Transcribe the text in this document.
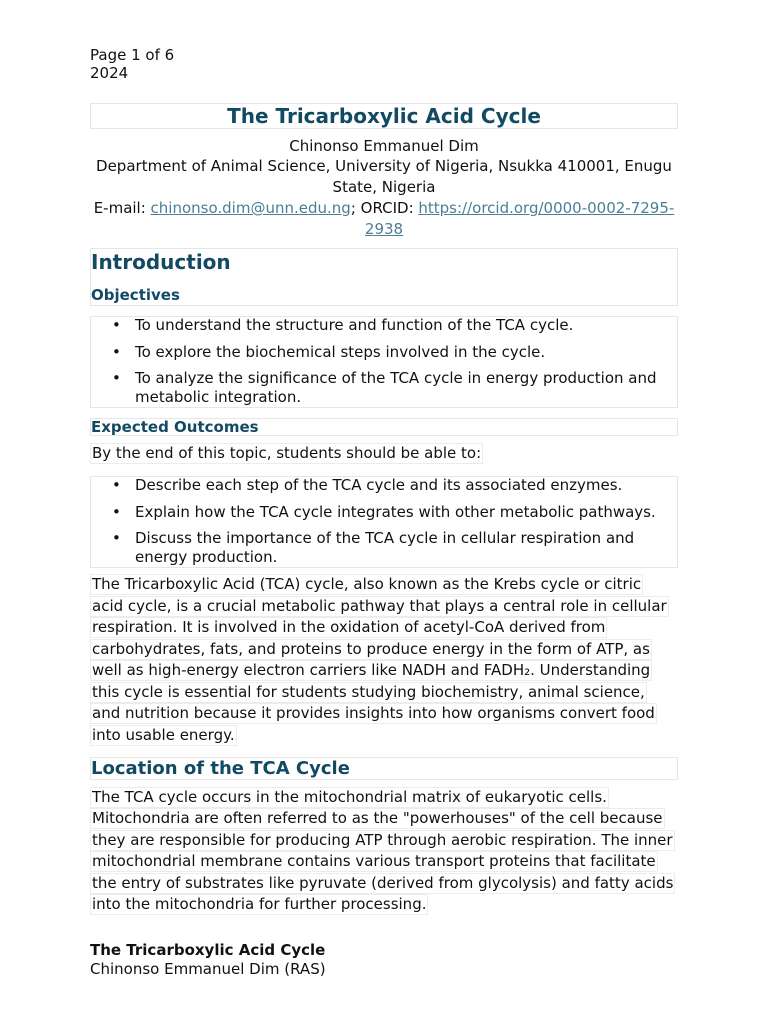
Page 1 of 6
2024
The Tricarboxylic Acid Cycle
Chinonso Emmanuel Dim
Department of Animal Science, University of Nigeria, Nsukka 410001, Enugu
State, Nigeria
E-mail: chinonso.dim@unn.edu.ng; ORCID: https://orcid.org/0000-0002-7295-
2938
Introduction
Objectives
• To understand the structure and function of the TCA cycle.
• To explore the biochemical steps involved in the cycle.
• To analyze the significance of the TCA cycle in energy production and
metabolic integration.
Expected Outcomes
By the end of this topic, students should be able to:
• Describe each step of the TCA cycle and its associated enzymes.
• Explain how the TCA cycle integrates with other metabolic pathways.
• Discuss the importance of the TCA cycle in cellular respiration and
energy production.
The Tricarboxylic Acid (TCA) cycle, also known as the Krebs cycle or citric
acid cycle, is a crucial metabolic pathway that plays a central role in cellular
respiration. It is involved in the oxidation of acetyl-CoA derived from
carbohydrates, fats, and proteins to produce energy in the form of ATP, as
well as high-energy electron carriers like NADH and FADH₂. Understanding
this cycle is essential for students studying biochemistry, animal science,
and nutrition because it provides insights into how organisms convert food
into usable energy.
Location of the TCA Cycle
The TCA cycle occurs in the mitochondrial matrix of eukaryotic cells.
Mitochondria are often referred to as the "powerhouses" of the cell because
they are responsible for producing ATP through aerobic respiration. The inner
mitochondrial membrane contains various transport proteins that facilitate
the entry of substrates like pyruvate (derived from glycolysis) and fatty acids
into the mitochondria for further processing.
The Tricarboxylic Acid Cycle
Chinonso Emmanuel Dim (RAS)
